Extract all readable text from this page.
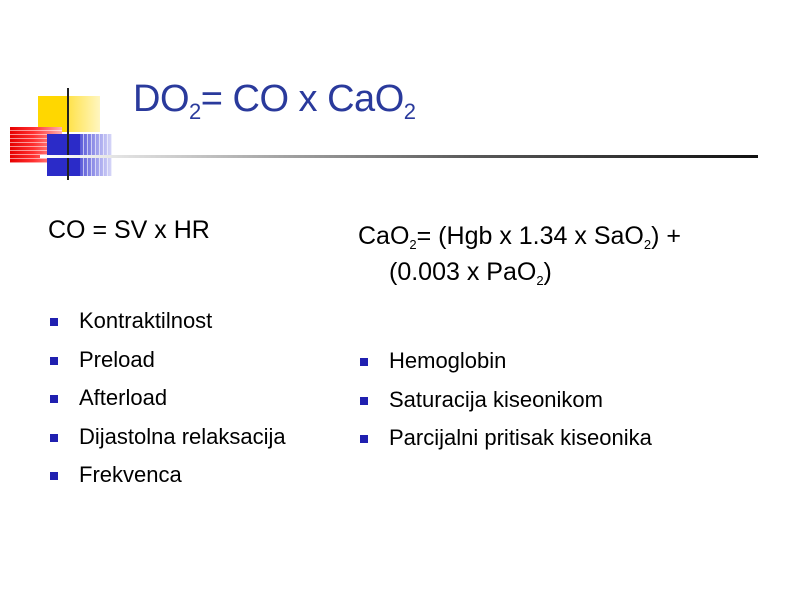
$DO_2=$ CO x CaO$_2$
CO = SV x HR
Kontraktilnost
Preload
Afterload
Dijastolna relaksacija
Frekvenca
CaO$_2$= (Hgb x 1.34 x SaO$_2$) +
(0.003 x PaO$_2$)
Hemoglobin
Saturacija kiseonikom
Parcijalni pritisak kiseonika
